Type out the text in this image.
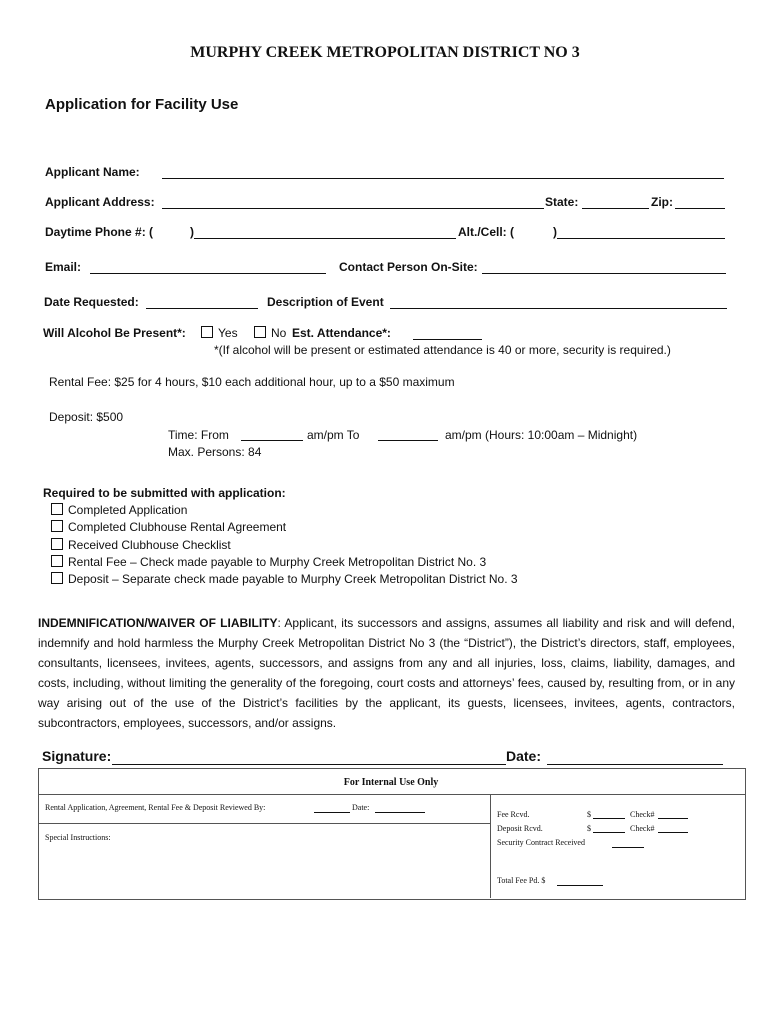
MURPHY CREEK METROPOLITAN DISTRICT NO 3
Application for Facility Use
Applicant Name:
Applicant Address:	State:	Zip:
Daytime Phone #: (	)	Alt./Cell: (	)
Email:	Contact Person On-Site:
Date Requested:	Description of Event
Will Alcohol Be Present*:	Yes	No Est. Attendance*:
*(If alcohol will be present or estimated attendance is 40 or more, security is required.)
Rental Fee: $25 for 4 hours, $10 each additional hour, up to a $50 maximum
Deposit: $500
Time: From	am/pm To	am/pm (Hours: 10:00am – Midnight)
Max. Persons: 84
Required to be submitted with application:
Completed Application
Completed Clubhouse Rental Agreement
Received Clubhouse Checklist
Rental Fee – Check made payable to Murphy Creek Metropolitan District No. 3
Deposit – Separate check made payable to Murphy Creek Metropolitan District No. 3
INDEMNIFICATION/WAIVER OF LIABILITY: Applicant, its successors and assigns, assumes all liability and risk and will defend, indemnify and hold harmless the Murphy Creek Metropolitan District No 3 (the “District”), the District’s directors, staff, employees, consultants, licensees, invitees, agents, successors, and assigns from any and all injuries, loss, claims, liability, damages, and costs, including, without limiting the generality of the foregoing, court costs and attorneys’ fees, caused by, resulting from, or in any way arising out of the use of the District’s facilities by the applicant, its guests, licensees, invitees, agents, contractors, subcontractors, employees, successors, and/or assigns.
Signature:	Date:
For Internal Use Only
Rental Application, Agreement, Rental Fee & Deposit Reviewed By:	Date:
Special Instructions:
Fee Rcvd.	$	Check#
Deposit Rcvd.	$	Check#
Security Contract Received
Total Fee Pd. $
